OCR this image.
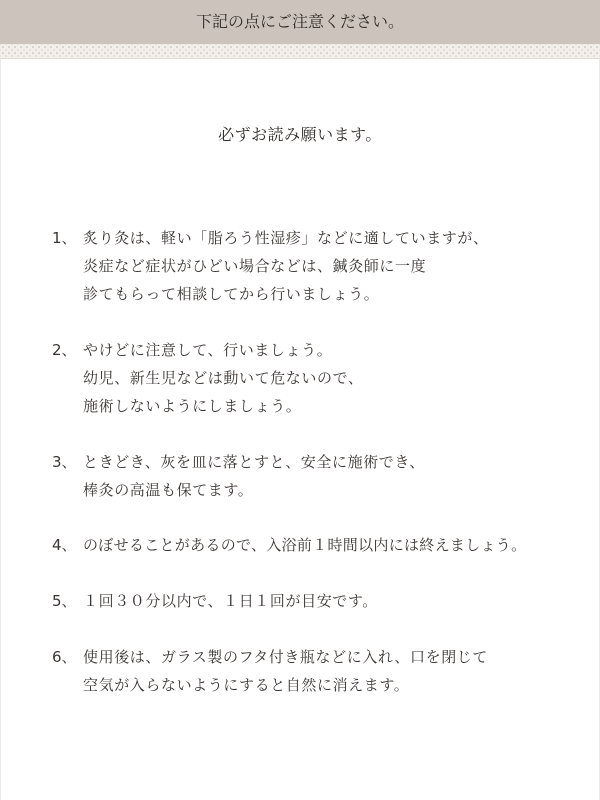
下記の点にご注意ください。
必ずお読み願います。
1、 炙り灸は、軽い「脂ろう性湿疹」などに適していますが、
炎症など症状がひどい場合などは、鍼灸師に一度
診てもらって相談してから行いましょう。
2、 やけどに注意して、行いましょう。
幼児、新生児などは動いて危ないので、
施術しないようにしましょう。
3、 ときどき、灰を皿に落とすと、安全に施術でき、
棒灸の高温も保てます。
4、 のぼせることがあるので、入浴前１時間以内には終えましょう。
5、 １回３０分以内で、１日１回が目安です。
6、 使用後は、ガラス製のフタ付き瓶などに入れ、口を閉じて
空気が入らないようにすると自然に消えます。
